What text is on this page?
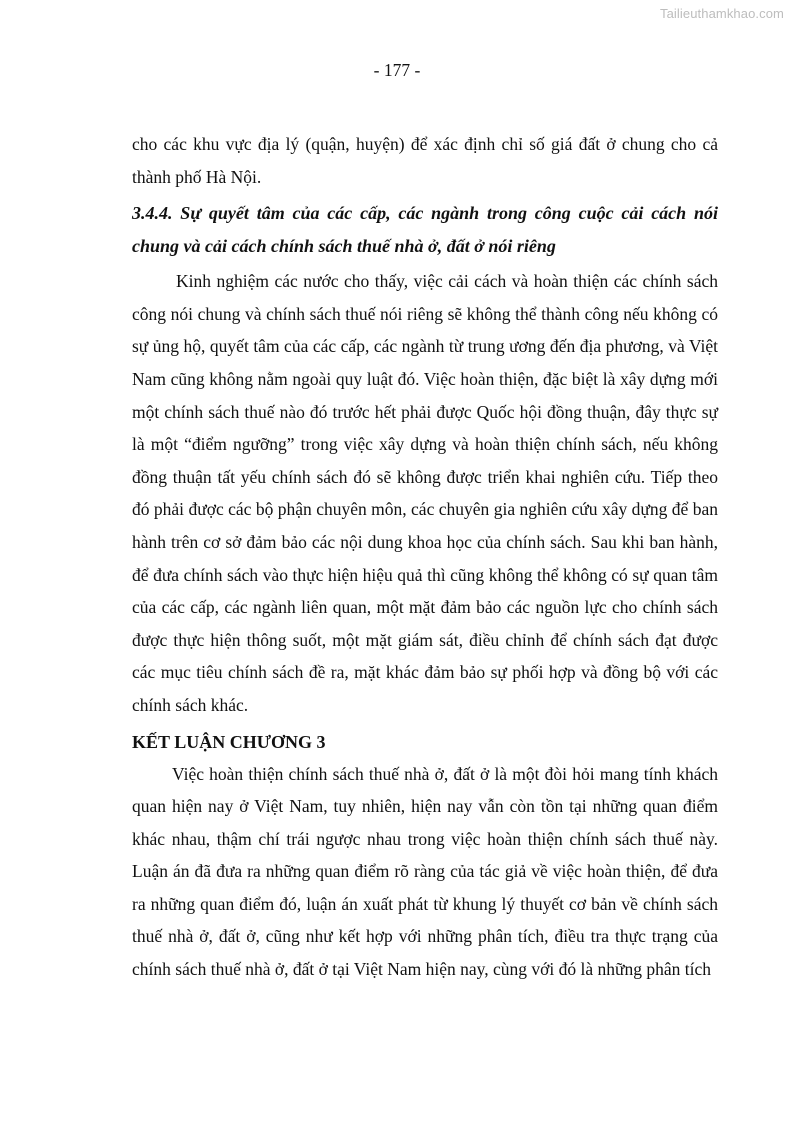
Tailieuthamkhao.com
- 177 -

cho các khu vực địa lý (quận, huyện) để xác định chỉ số giá đất ở chung cho cả thành phố Hà Nội.

3.4.4. Sự quyết tâm của các cấp, các ngành trong công cuộc cải cách nói chung và cải cách chính sách thuế nhà ở, đất ở nói riêng

Kinh nghiệm các nước cho thấy, việc cải cách và hoàn thiện các chính sách công nói chung và chính sách thuế nói riêng sẽ không thể thành công nếu không có sự ủng hộ, quyết tâm của các cấp, các ngành từ trung ương đến địa phương, và Việt Nam cũng không nằm ngoài quy luật đó. Việc hoàn thiện, đặc biệt là xây dựng mới một chính sách thuế nào đó trước hết phải được Quốc hội đồng thuận, đây thực sự là một “điểm ngưỡng” trong việc xây dựng và hoàn thiện chính sách, nếu không đồng thuận tất yếu chính sách đó sẽ không được triển khai nghiên cứu. Tiếp theo đó phải được các bộ phận chuyên môn, các chuyên gia nghiên cứu xây dựng để ban hành trên cơ sở đảm bảo các nội dung khoa học của chính sách. Sau khi ban hành, để đưa chính sách vào thực hiện hiệu quả thì cũng không thể không có sự quan tâm của các cấp, các ngành liên quan, một mặt đảm bảo các nguồn lực cho chính sách được thực hiện thông suốt, một mặt giám sát, điều chỉnh để chính sách đạt được các mục tiêu chính sách đề ra, mặt khác đảm bảo sự phối hợp và đồng bộ với các chính sách khác.

KẾT LUẬN CHƯƠNG 3

Việc hoàn thiện chính sách thuế nhà ở, đất ở là một đòi hỏi mang tính khách quan hiện nay ở Việt Nam, tuy nhiên, hiện nay vẫn còn tồn tại những quan điểm khác nhau, thậm chí trái ngược nhau trong việc hoàn thiện chính sách thuế này. Luận án đã đưa ra những quan điểm rõ ràng của tác giả về việc hoàn thiện, để đưa ra những quan điểm đó, luận án xuất phát từ khung lý thuyết cơ bản về chính sách thuế nhà ở, đất ở, cũng như kết hợp với những phân tích, điều tra thực trạng của chính sách thuế nhà ở, đất ở tại Việt Nam hiện nay, cùng với đó là những phân tích
